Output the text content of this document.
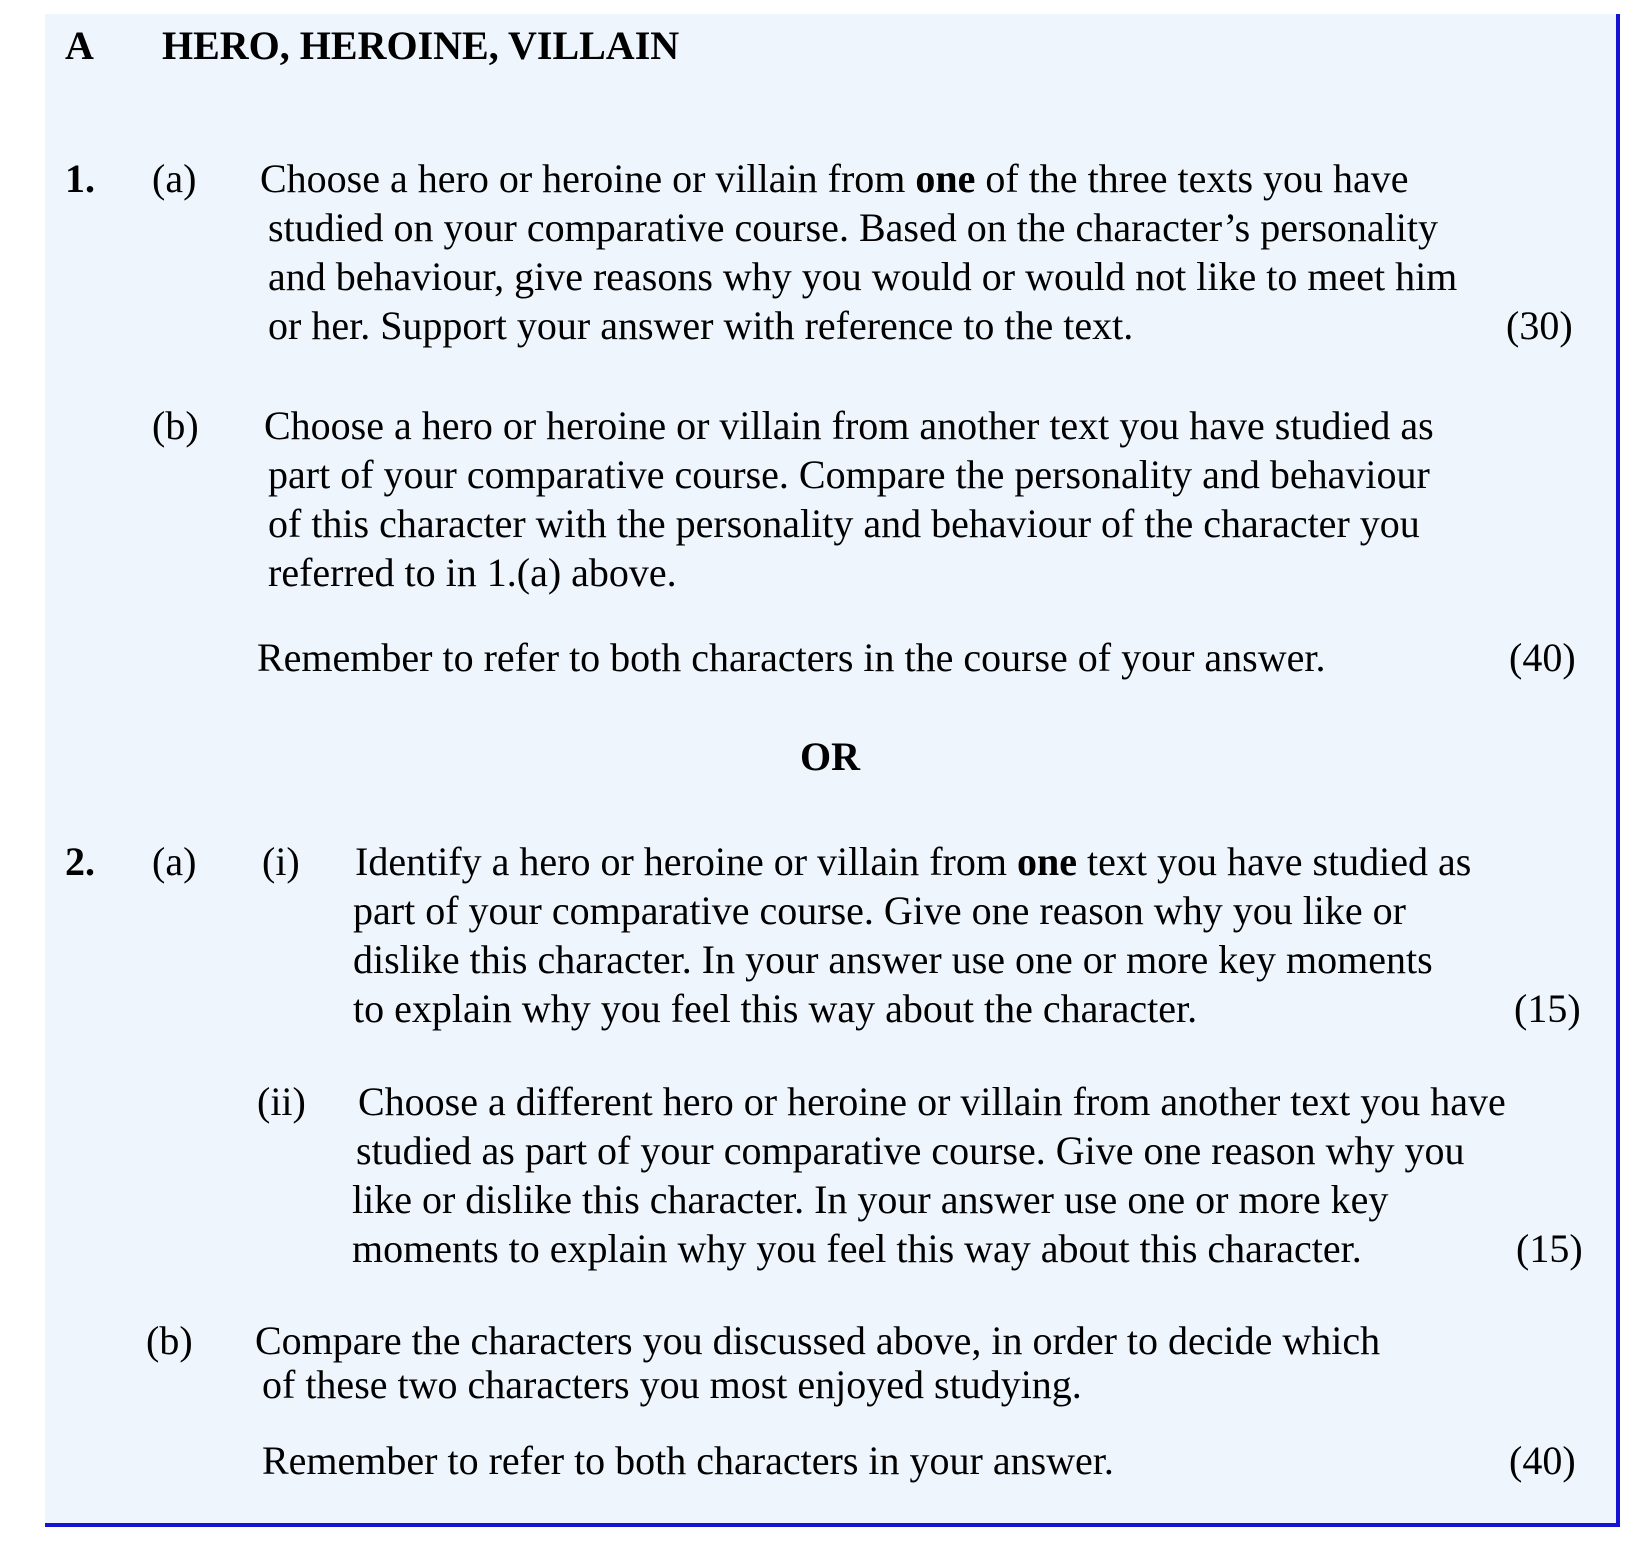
A HERO, HEROINE, VILLAIN
1. (a) Choose a hero or heroine or villain from one of the three texts you have
studied on your comparative course. Based on the character’s personality
and behaviour, give reasons why you would or would not like to meet him
or her. Support your answer with reference to the text.	(30)
(b) Choose a hero or heroine or villain from another text you have studied as
part of your comparative course. Compare the personality and behaviour
of this character with the personality and behaviour of the character you
referred to in 1.(a) above.
Remember to refer to both characters in the course of your answer.	(40)
OR
2. (a) (i) Identify a hero or heroine or villain from one text you have studied as
part of your comparative course. Give one reason why you like or
dislike this character. In your answer use one or more key moments
to explain why you feel this way about the character.	(15)
(ii) Choose a different hero or heroine or villain from another text you have
studied as part of your comparative course. Give one reason why you
like or dislike this character. In your answer use one or more key
moments to explain why you feel this way about this character.	(15)
(b) Compare the characters you discussed above, in order to decide which
of these two characters you most enjoyed studying.
Remember to refer to both characters in your answer.	(40)
